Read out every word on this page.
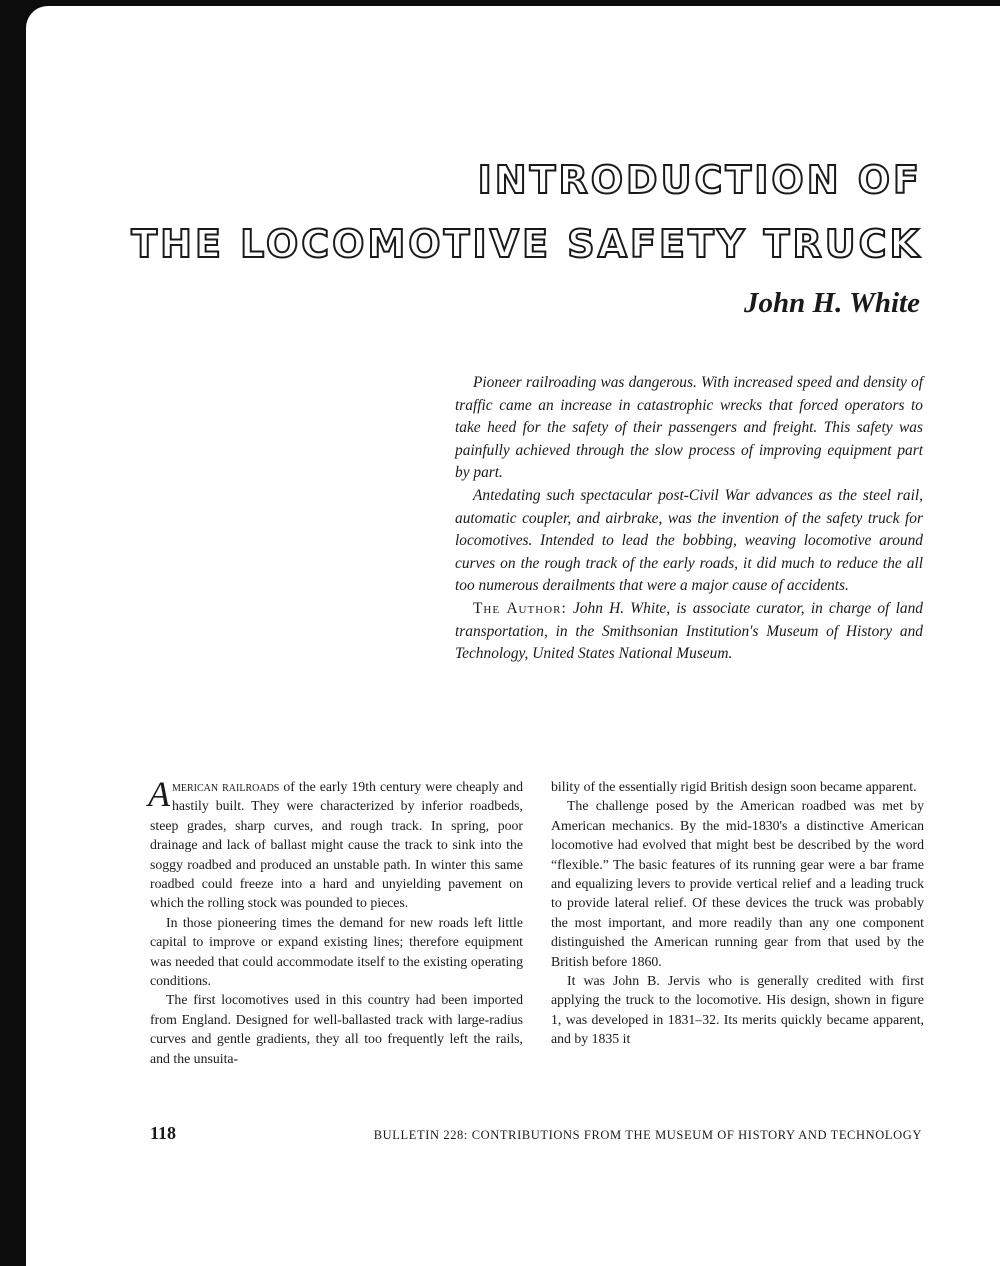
INTRODUCTION OF
THE LOCOMOTIVE SAFETY TRUCK

John H. White

Pioneer railroading was dangerous. With increased speed and density of traffic came an increase in catastrophic wrecks that forced operators to take heed for the safety of their passengers and freight. This safety was painfully achieved through the slow process of improving equipment part by part.

Antedating such spectacular post-Civil War advances as the steel rail, automatic coupler, and airbrake, was the invention of the safety truck for locomotives. Intended to lead the bobbing, weaving locomotive around curves on the rough track of the early roads, it did much to reduce the all too numerous derailments that were a major cause of accidents.

The Author: John H. White, is associate curator, in charge of land transportation, in the Smithsonian Institution's Museum of History and Technology, United States National Museum.

American railroads of the early 19th century were cheaply and hastily built. They were characterized by inferior roadbeds, steep grades, sharp curves, and rough track. In spring, poor drainage and lack of ballast might cause the track to sink into the soggy roadbed and produced an unstable path. In winter this same roadbed could freeze into a hard and unyielding pavement on which the rolling stock was pounded to pieces.

In those pioneering times the demand for new roads left little capital to improve or expand existing lines; therefore equipment was needed that could accommodate itself to the existing operating conditions.

The first locomotives used in this country had been imported from England. Designed for well-ballasted track with large-radius curves and gentle gradients, they all too frequently left the rails, and the unsuita-

bility of the essentially rigid British design soon became apparent.

The challenge posed by the American roadbed was met by American mechanics. By the mid-1830's a distinctive American locomotive had evolved that might best be described by the word “flexible.” The basic features of its running gear were a bar frame and equalizing levers to provide vertical relief and a leading truck to provide lateral relief. Of these devices the truck was probably the most important, and more readily than any one component distinguished the American running gear from that used by the British before 1860.

It was John B. Jervis who is generally credited with first applying the truck to the locomotive. His design, shown in figure 1, was developed in 1831–32. Its merits quickly became apparent, and by 1835 it

118	BULLETIN 228: CONTRIBUTIONS FROM THE MUSEUM OF HISTORY AND TECHNOLOGY
